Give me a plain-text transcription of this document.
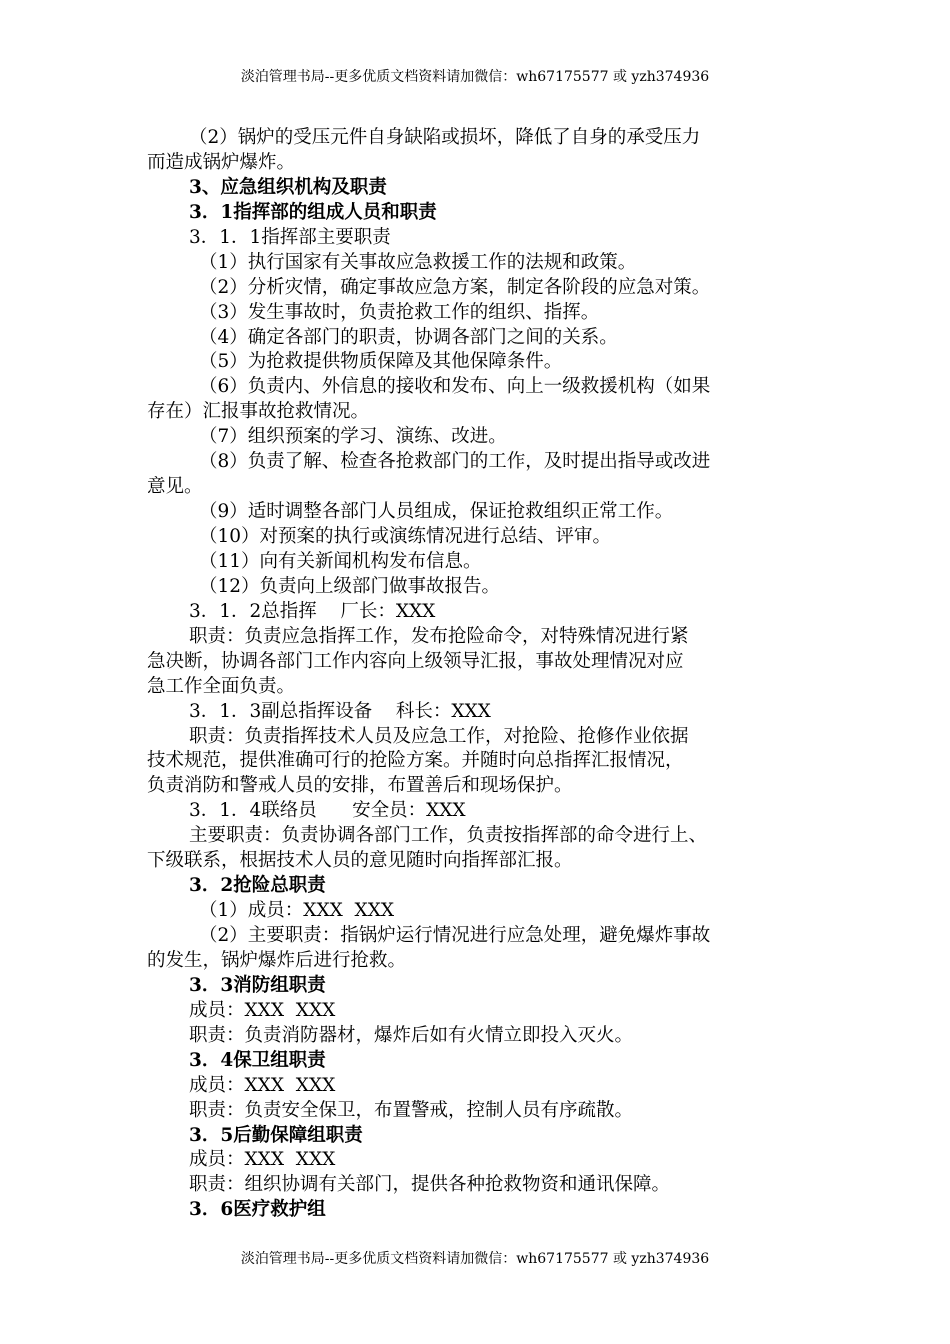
淡泊管理书局--更多优质文档资料请加微信：wh67175577 或 yzh374936
（2）锅炉的受压元件自身缺陷或损坏，降低了自身的承受压力
而造成锅炉爆炸。
3、应急组织机构及职责
3．1指挥部的组成人员和职责
3．1．1指挥部主要职责
（1）执行国家有关事故应急救援工作的法规和政策。
（2）分析灾情，确定事故应急方案，制定各阶段的应急对策。
（3）发生事故时，负责抢救工作的组织、指挥。
（4）确定各部门的职责，协调各部门之间的关系。
（5）为抢救提供物质保障及其他保障条件。
（6）负责内、外信息的接收和发布、向上一级救援机构（如果
存在）汇报事故抢救情况。
（7）组织预案的学习、演练、改进。
（8）负责了解、检查各抢救部门的工作，及时提出指导或改进
意见。
（9）适时调整各部门人员组成，保证抢救组织正常工作。
（10）对预案的执行或演练情况进行总结、评审。
（11）向有关新闻机构发布信息。
（12）负责向上级部门做事故报告。
3．1．2总指挥    厂长：XXX
职责：负责应急指挥工作，发布抢险命令，对特殊情况进行紧
急决断，协调各部门工作内容向上级领导汇报，事故处理情况对应
急工作全面负责。
3．1．3副总指挥设备    科长：XXX
职责：负责指挥技术人员及应急工作，对抢险、抢修作业依据
技术规范，提供准确可行的抢险方案。并随时向总指挥汇报情况，
负责消防和警戒人员的安排，布置善后和现场保护。
3．1．4联络员      安全员：XXX
主要职责：负责协调各部门工作，负责按指挥部的命令进行上、
下级联系，根据技术人员的意见随时向指挥部汇报。
3．2抢险总职责
（1）成员：XXX  XXX
（2）主要职责：指锅炉运行情况进行应急处理，避免爆炸事故
的发生，锅炉爆炸后进行抢救。
3．3消防组职责
成员：XXX  XXX
职责：负责消防器材，爆炸后如有火情立即投入灭火。
3．4保卫组职责
成员：XXX  XXX
职责：负责安全保卫，布置警戒，控制人员有序疏散。
3．5后勤保障组职责
成员：XXX  XXX
职责：组织协调有关部门，提供各种抢救物资和通讯保障。
3．6医疗救护组
淡泊管理书局--更多优质文档资料请加微信：wh67175577 或 yzh374936
